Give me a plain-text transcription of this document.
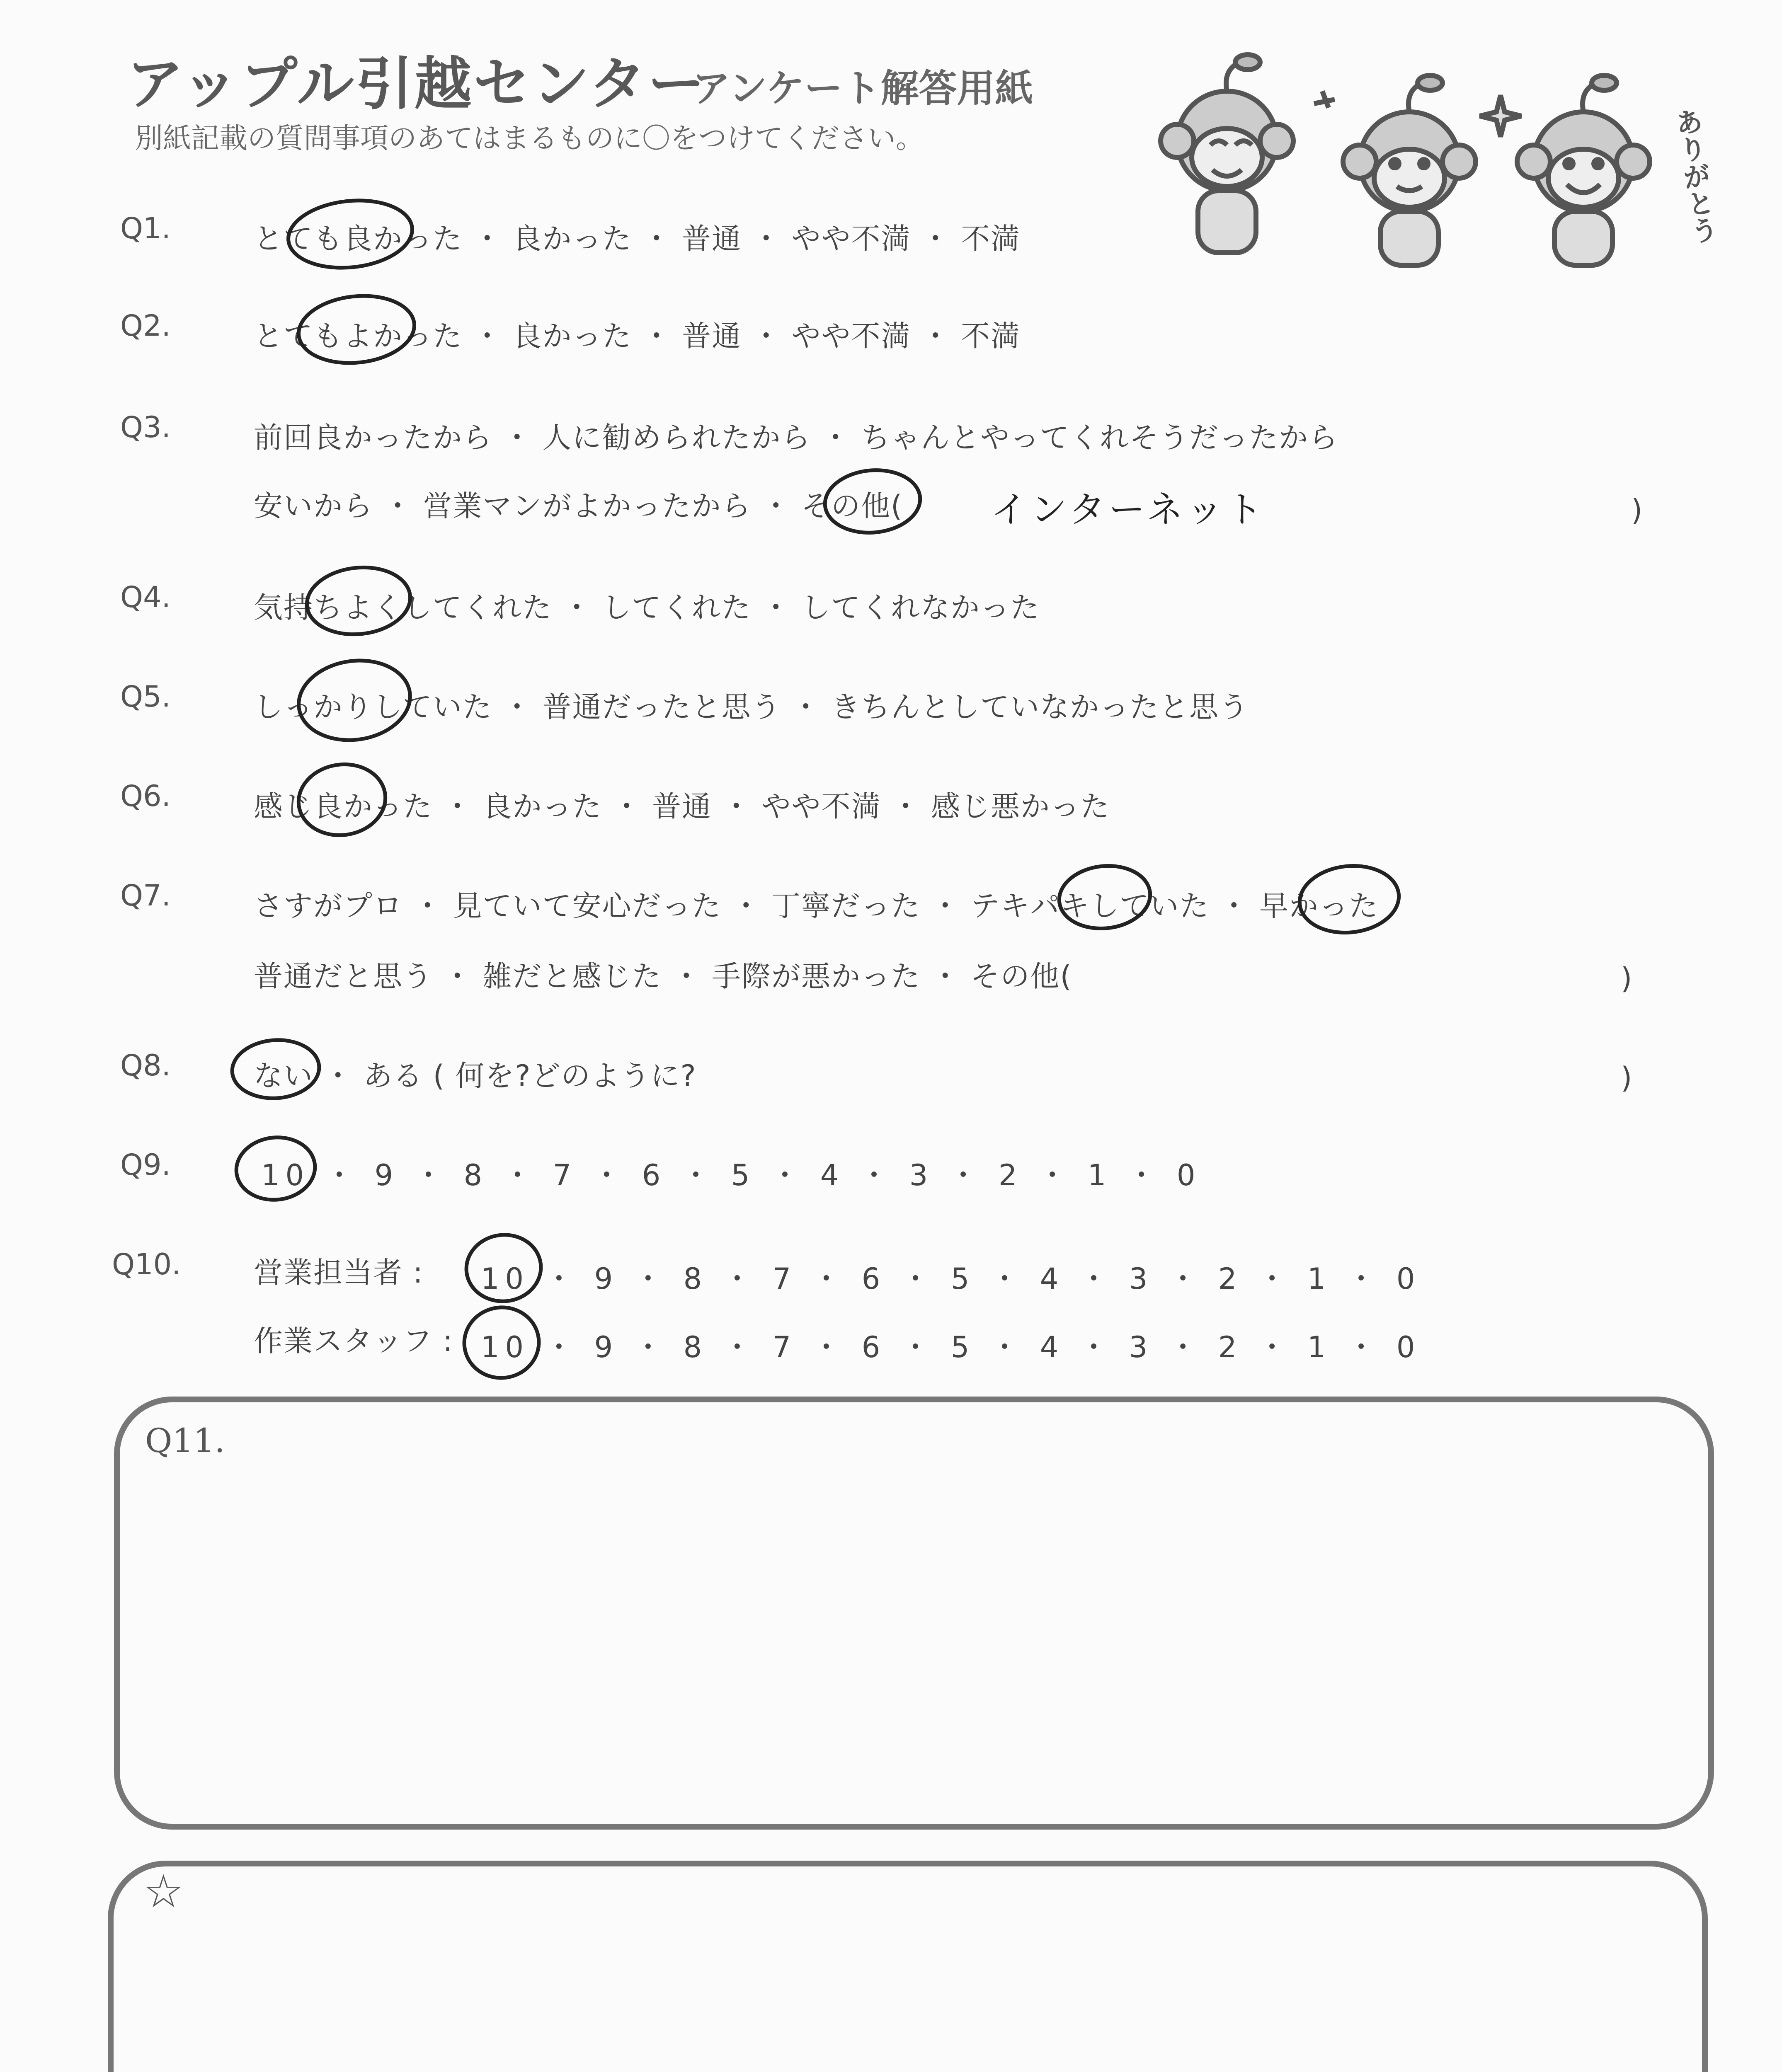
アップル引越センター
アンケート解答用紙
別紙記載の質問事項のあてはまるものに〇をつけてください。	ありがとう
Q1.	とても良かった ・ 良かった ・ 普通 ・ やや不満 ・ 不満
Q2.	とてもよかった ・ 良かった ・ 普通 ・ やや不満 ・ 不満
Q3.	前回良かったから ・ 人に勧められたから ・ ちゃんとやってくれそうだったから
安いから ・ 営業マンがよかったから ・ その他( インターネット	)
Q4.	気持ちよくしてくれた ・ してくれた ・ してくれなかった
Q5.	しっかりしていた ・ 普通だったと思う ・ きちんとしていなかったと思う
Q6.	感じ良かった ・ 良かった ・ 普通 ・ やや不満 ・ 感じ悪かった
Q7.	さすがプロ ・ 見ていて安心だった ・ 丁寧だった ・ テキパキしていた ・ 早かった
普通だと思う ・ 雑だと感じた ・ 手際が悪かった ・ その他(	)
Q8.	ない ・ ある ( 何を?どのように?	)
Q9.	10 ・ 9 ・ 8 ・ 7 ・ 6 ・ 5 ・ 4 ・ 3 ・ 2 ・ 1 ・ 0
Q10.	営業担当者 : 10 ・ 9 ・ 8 ・ 7 ・ 6 ・ 5 ・ 4 ・ 3 ・ 2 ・ 1 ・ 0
作業スタッフ : 10 ・ 9 ・ 8 ・ 7 ・ 6 ・ 5 ・ 4 ・ 3 ・ 2 ・ 1 ・ 0
Q11.
☆
